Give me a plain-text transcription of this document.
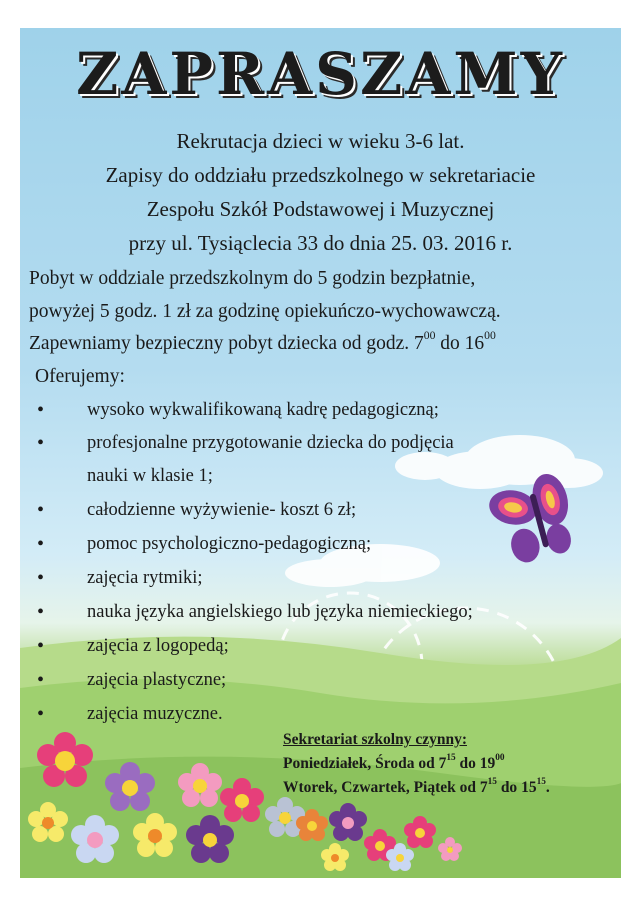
ZAPRASZAMY
Rekrutacja dzieci w wieku 3-6 lat.
Zapisy do oddziału przedszkolnego w sekretariacie
Zespołu Szkół Podstawowej i Muzycznej
przy ul. Tysiąclecia 33 do dnia 25. 03. 2016 r.
Pobyt w oddziale przedszkolnym do 5 godzin bezpłatnie,
powyżej 5 godz. 1 zł za godzinę opiekuńczo-wychowawczą.
Zapewniamy bezpieczny pobyt dziecka od godz. $7^{00}$ do $16^{00}$
Oferujemy:
• wysoko wykwalifikowaną kadrę pedagogiczną;
• profesjonalne przygotowanie dziecka do podjęcia
nauki w klasie 1;
• całodzienne wyżywienie- koszt 6 zł;
• pomoc psychologiczno-pedagogiczną;
• zajęcia rytmiki;
• nauka języka angielskiego lub języka niemieckiego;
• zajęcia z logopedą;
• zajęcia plastyczne;
• zajęcia muzyczne.
Sekretariat szkolny czynny:
Poniedziałek, Środa od $7^{15}$ do $19^{00}$
Wtorek, Czwartek, Piątek od $7^{15}$ do $15^{15}$.
